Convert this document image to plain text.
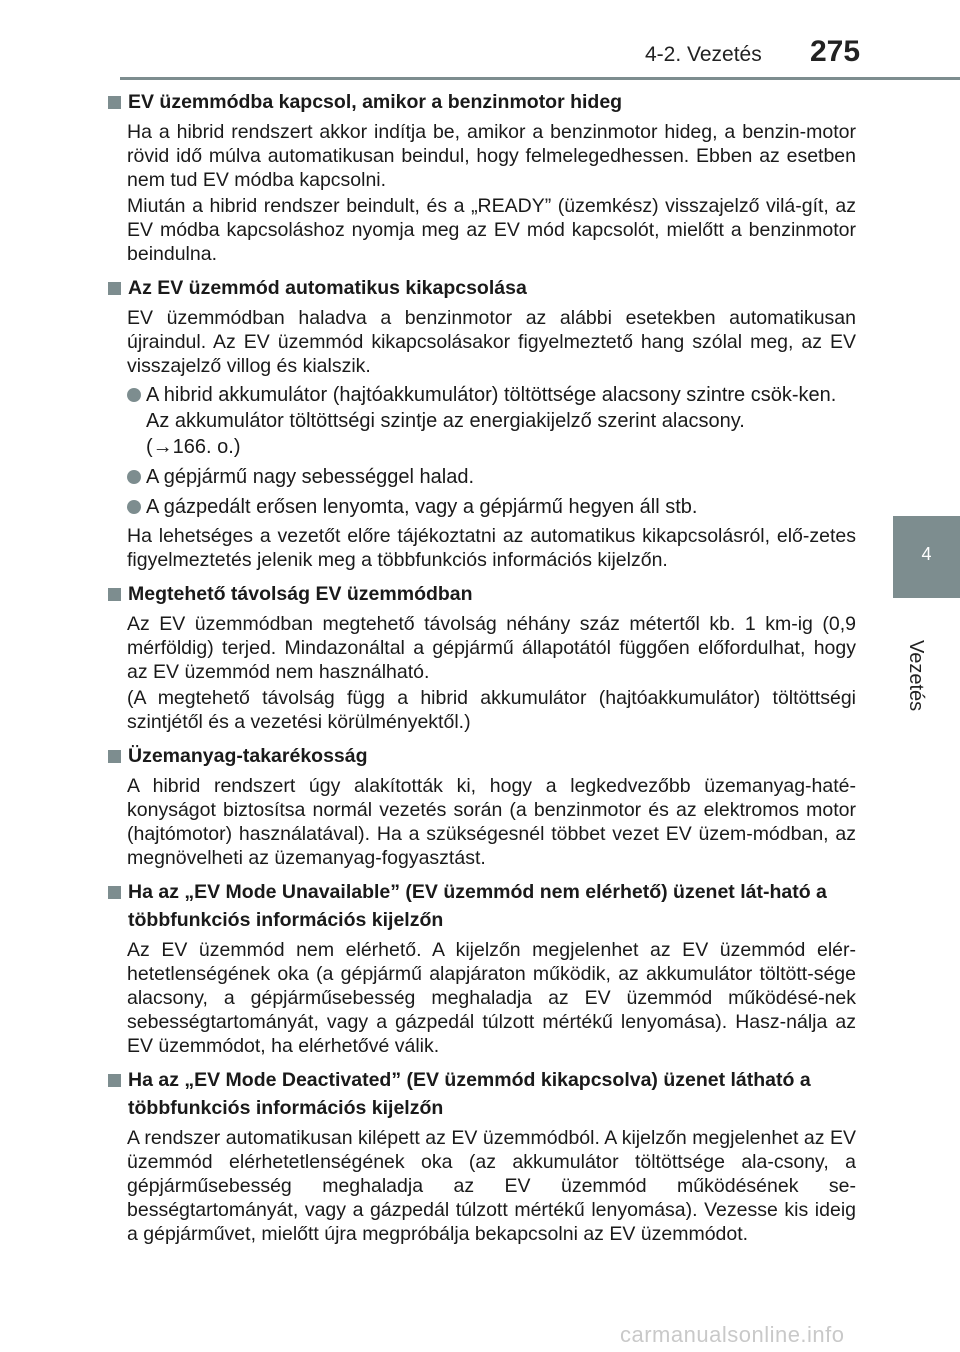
4-2. Vezetés 275
4
Vezetés
EV üzemmódba kapcsol, amikor a benzinmotor hideg

Ha a hibrid rendszert akkor indítja be, amikor a benzinmotor hideg, a benzin-motor rövid idő múlva automatikusan beindul, hogy felmelegedhessen. Ebben az esetben nem tud EV módba kapcsolni.

Miután a hibrid rendszer beindult, és a „READY” (üzemkész) visszajelző vilá-gít, az EV módba kapcsoláshoz nyomja meg az EV mód kapcsolót, mielőtt a benzinmotor beindulna.

Az EV üzemmód automatikus kikapcsolása

EV üzemmódban haladva a benzinmotor az alábbi esetekben automatikusan újraindul. Az EV üzemmód kikapcsolásakor figyelmeztető hang szólal meg, az EV visszajelző villog és kialszik.

A hibrid akkumulátor (hajtóakkumulátor) töltöttsége alacsony szintre csök-ken.
Az akkumulátor töltöttségi szintje az energiakijelző szerint alacsony.
(→166. o.)
A gépjármű nagy sebességgel halad.
A gázpedált erősen lenyomta, vagy a gépjármű hegyen áll stb.

Ha lehetséges a vezetőt előre tájékoztatni az automatikus kikapcsolásról, elő-zetes figyelmeztetés jelenik meg a többfunkciós információs kijelzőn.

Megtehető távolság EV üzemmódban

Az EV üzemmódban megtehető távolság néhány száz métertől kb. 1 km-ig (0,9 mérföldig) terjed. Mindazonáltal a gépjármű állapotától függően előfordulhat, hogy az EV üzemmód nem használható.

(A megtehető távolság függ a hibrid akkumulátor (hajtóakkumulátor) töltöttségi szintjétől és a vezetési körülményektől.)

Üzemanyag-takarékosság

A hibrid rendszert úgy alakították ki, hogy a legkedvezőbb üzemanyag-haté-konyságot biztosítsa normál vezetés során (a benzinmotor és az elektromos motor (hajtómotor) használatával). Ha a szükségesnél többet vezet EV üzem-módban, az megnövelheti az üzemanyag-fogyasztást.

Ha az „EV Mode Unavailable” (EV üzemmód nem elérhető) üzenet lát-ható a többfunkciós információs kijelzőn

Az EV üzemmód nem elérhető. A kijelzőn megjelenhet az EV üzemmód elér-hetetlenségének oka (a gépjármű alapjáraton működik, az akkumulátor töltött-sége alacsony, a gépjárműsebesség meghaladja az EV üzemmód működésé-nek sebességtartományát, vagy a gázpedál túlzott mértékű lenyomása). Hasz-nálja az EV üzemmódot, ha elérhetővé válik.

Ha az „EV Mode Deactivated” (EV üzemmód kikapcsolva) üzenet látható a többfunkciós információs kijelzőn

A rendszer automatikusan kilépett az EV üzemmódból. A kijelzőn megjelenhet az EV üzemmód elérhetetlenségének oka (az akkumulátor töltöttsége ala-csony, a gépjárműsebesség meghaladja az EV üzemmód működésének se-bességtartományát, vagy a gázpedál túlzott mértékű lenyomása). Vezesse kis ideig a gépjárművet, mielőtt újra megpróbálja bekapcsolni az EV üzemmódot.

carmanualsonline.info
